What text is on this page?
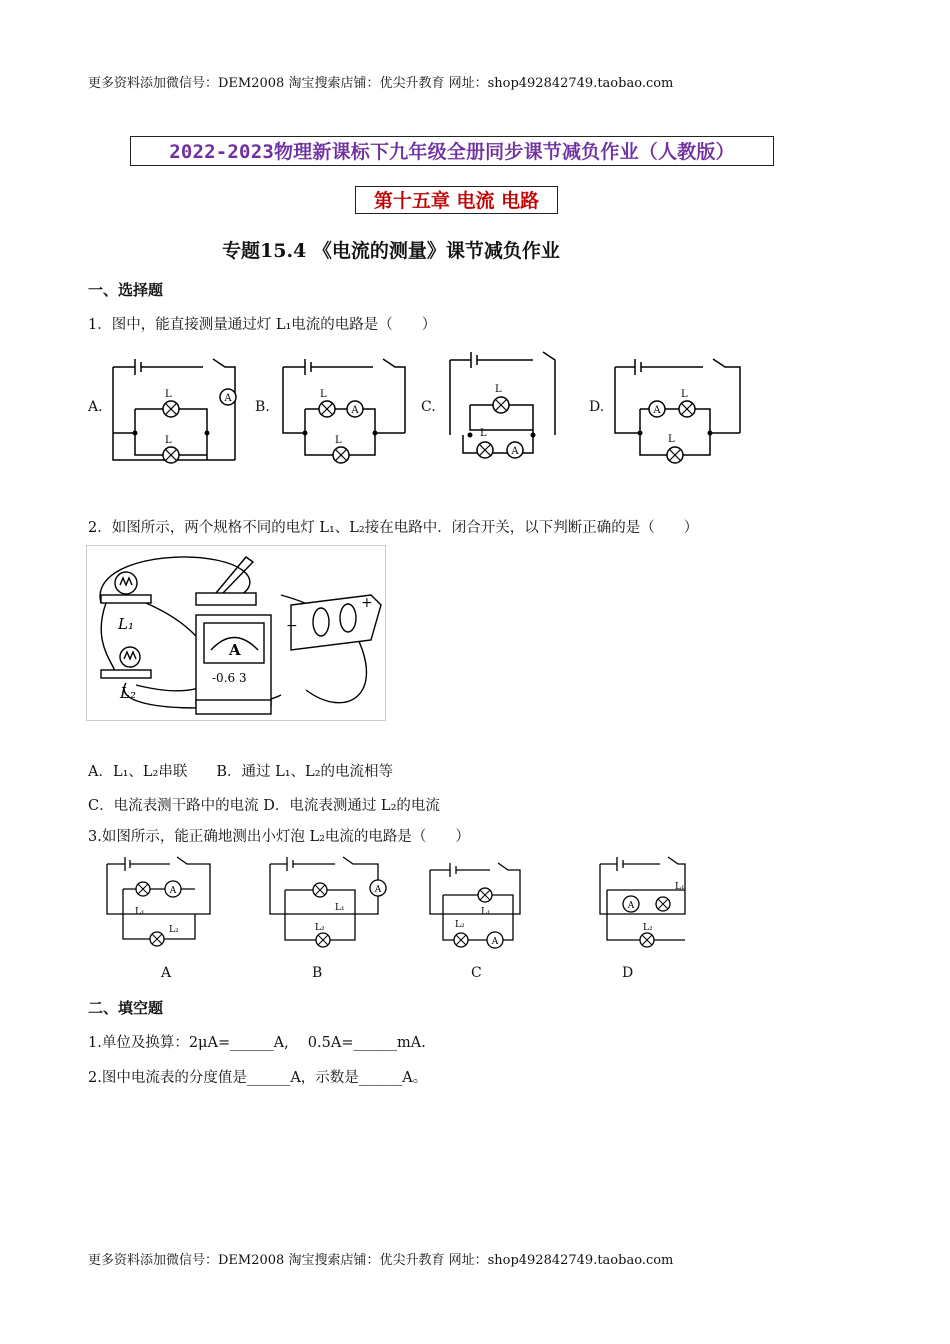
更多资料添加微信号：DEM2008 淘宝搜索店铺：优尖升教育 网址：shop492842749.taobao.com
2022-2023物理新课标下九年级全册同步课节减负作业（人教版）
第十五章 电流 电路
专题15.4 《电流的测量》课节减负作业
一、选择题
1．图中，能直接测量通过灯 L₁电流的电路是（　　）
A
L
L
L
L
L
L
L
L
A.	B.	C.	D.
2．如图所示，两个规格不同的电灯 L₁、L₂接在电路中．闭合开关，以下判断正确的是（　　）
L₁
L₂
A
-0.6 3
−
+
A．L₁、L₂串联　　B．通过 L₁、L₂的电流相等
C．电流表测干路中的电流 D．电流表测通过 L₂的电流
3.如图所示，能正确地测出小灯泡 L₂电流的电路是（　　）
A
L₁
L₂
L₁
L₂
L₁
L₂
L₁
L₂
A	B	C	D
二、填空题
1.单位及换算：2μA=______A,　 0.5A=______mA.
2.图中电流表的分度值是______A，示数是______A。
更多资料添加微信号：DEM2008 淘宝搜索店铺：优尖升教育 网址：shop492842749.taobao.com
